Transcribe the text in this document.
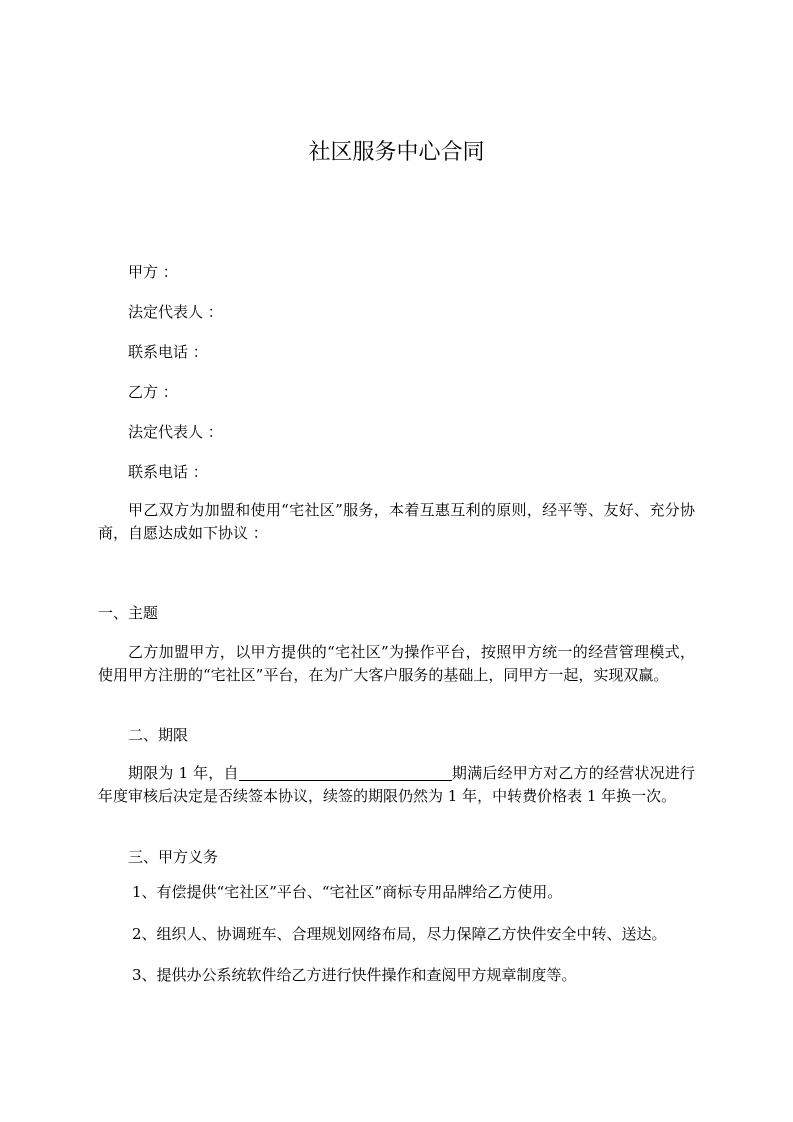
社区服务中心合同
甲方 ：
法定代表人 ：
联系电话 ：
乙方 ：
法定代表人 ：
联系电话 ：
甲乙双方为加盟和使用“宅社区”服务，本着互惠互利的原则，经平等、友好、充分协商，自愿达成如下协议 ：
一、主题
乙方加盟甲方，以甲方提供的“宅社区”为操作平台，按照甲方统一的经营管理模式，使用甲方注册的“宅社区”平台，在为广大客户服务的基础上，同甲方一起，实现双赢。
二、期限
期限为 1 年，自	期满后经甲方对乙方的经营状况进行年度审核后决定是否续签本协议，续签的期限仍然为 1 年，中转费价格表 1 年换一次。
三、甲方义务
1、有偿提供“宅社区”平台、“宅社区”商标专用品牌给乙方使用。
2、组织人、协调班车、合理规划网络布局，尽力保障乙方快件安全中转、送达。
3、提供办公系统软件给乙方进行快件操作和查阅甲方规章制度等。
